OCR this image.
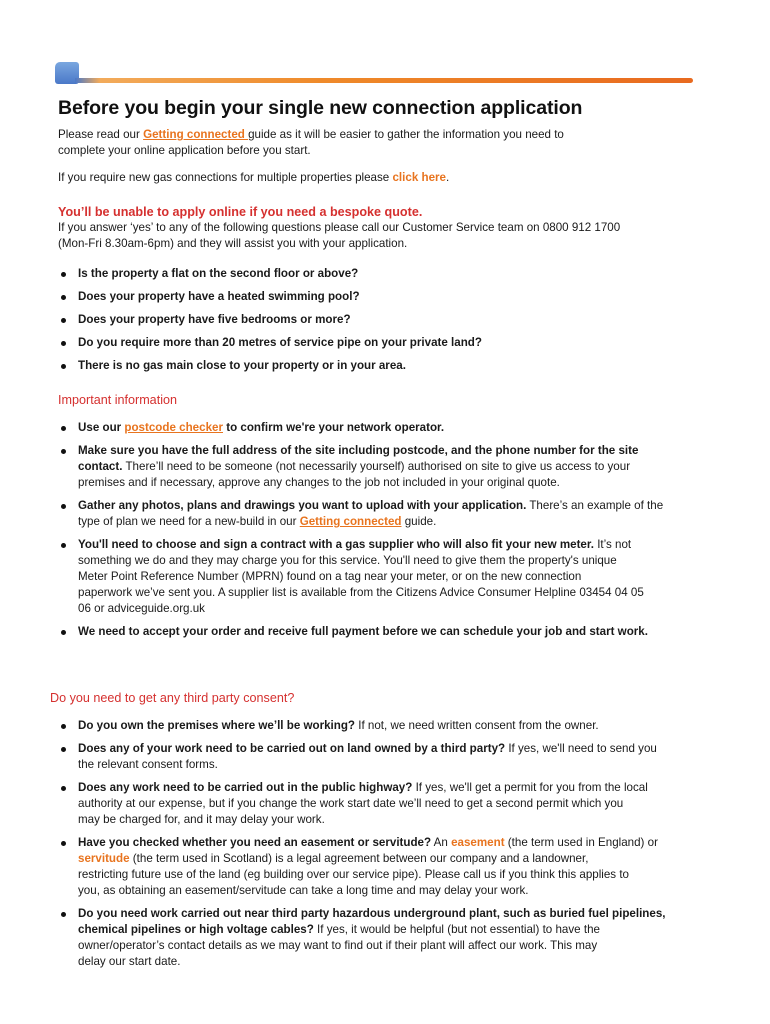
Before you begin your single new connection application

Please read our Getting connected guide as it will be easier to gather the information you need to
complete your online application before you start.

If you require new gas connections for multiple properties please click here.

You’ll be unable to apply online if you need a bespoke quote.

If you answer ‘yes’ to any of the following questions please call our Customer Service team on 0800 912 1700
(Mon-Fri 8.30am-6pm) and they will assist you with your application.

Is the property a flat on the second floor or above?
Does your property have a heated swimming pool?
Does your property have five bedrooms or more?
Do you require more than 20 metres of service pipe on your private land?
There is no gas main close to your property or in your area.
Important information
Use our postcode checker to confirm we're your network operator.
Make sure you have the full address of the site including postcode, and the phone number for the site
contact. There’ll need to be someone (not necessarily yourself) authorised on site to give us access to your
premises and if necessary, approve any changes to the job not included in your original quote.
Gather any photos, plans and drawings you want to upload with your application. There’s an example of the
type of plan we need for a new-build in our Getting connected guide.
You'll need to choose and sign a contract with a gas supplier who will also fit your new meter. It’s not
something we do and they may charge you for this service. You'll need to give them the property's unique
Meter Point Reference Number (MPRN) found on a tag near your meter, or on the new connection
paperwork we’ve sent you. A supplier list is available from the Citizens Advice Consumer Helpline 03454 04 05
06 or adviceguide.org.uk
We need to accept your order and receive full payment before we can schedule your job and start work.
Do you need to get any third party consent?
Do you own the premises where we’ll be working? If not, we need written consent from the owner.
Does any of your work need to be carried out on land owned by a third party? If yes, we'll need to send you
the relevant consent forms.
Does any work need to be carried out in the public highway? If yes, we'll get a permit for you from the local
authority at our expense, but if you change the work start date we’ll need to get a second permit which you
may be charged for, and it may delay your work.
Have you checked whether you need an easement or servitude? An easement (the term used in England) or
servitude (the term used in Scotland) is a legal agreement between our company and a landowner,
restricting future use of the land (eg building over our service pipe). Please call us if you think this applies to
you, as obtaining an easement/servitude can take a long time and may delay your work.
Do you need work carried out near third party hazardous underground plant, such as buried fuel pipelines,
chemical pipelines or high voltage cables? If yes, it would be helpful (but not essential) to have the
owner/operator’s contact details as we may want to find out if their plant will affect our work. This may
delay our start date.
